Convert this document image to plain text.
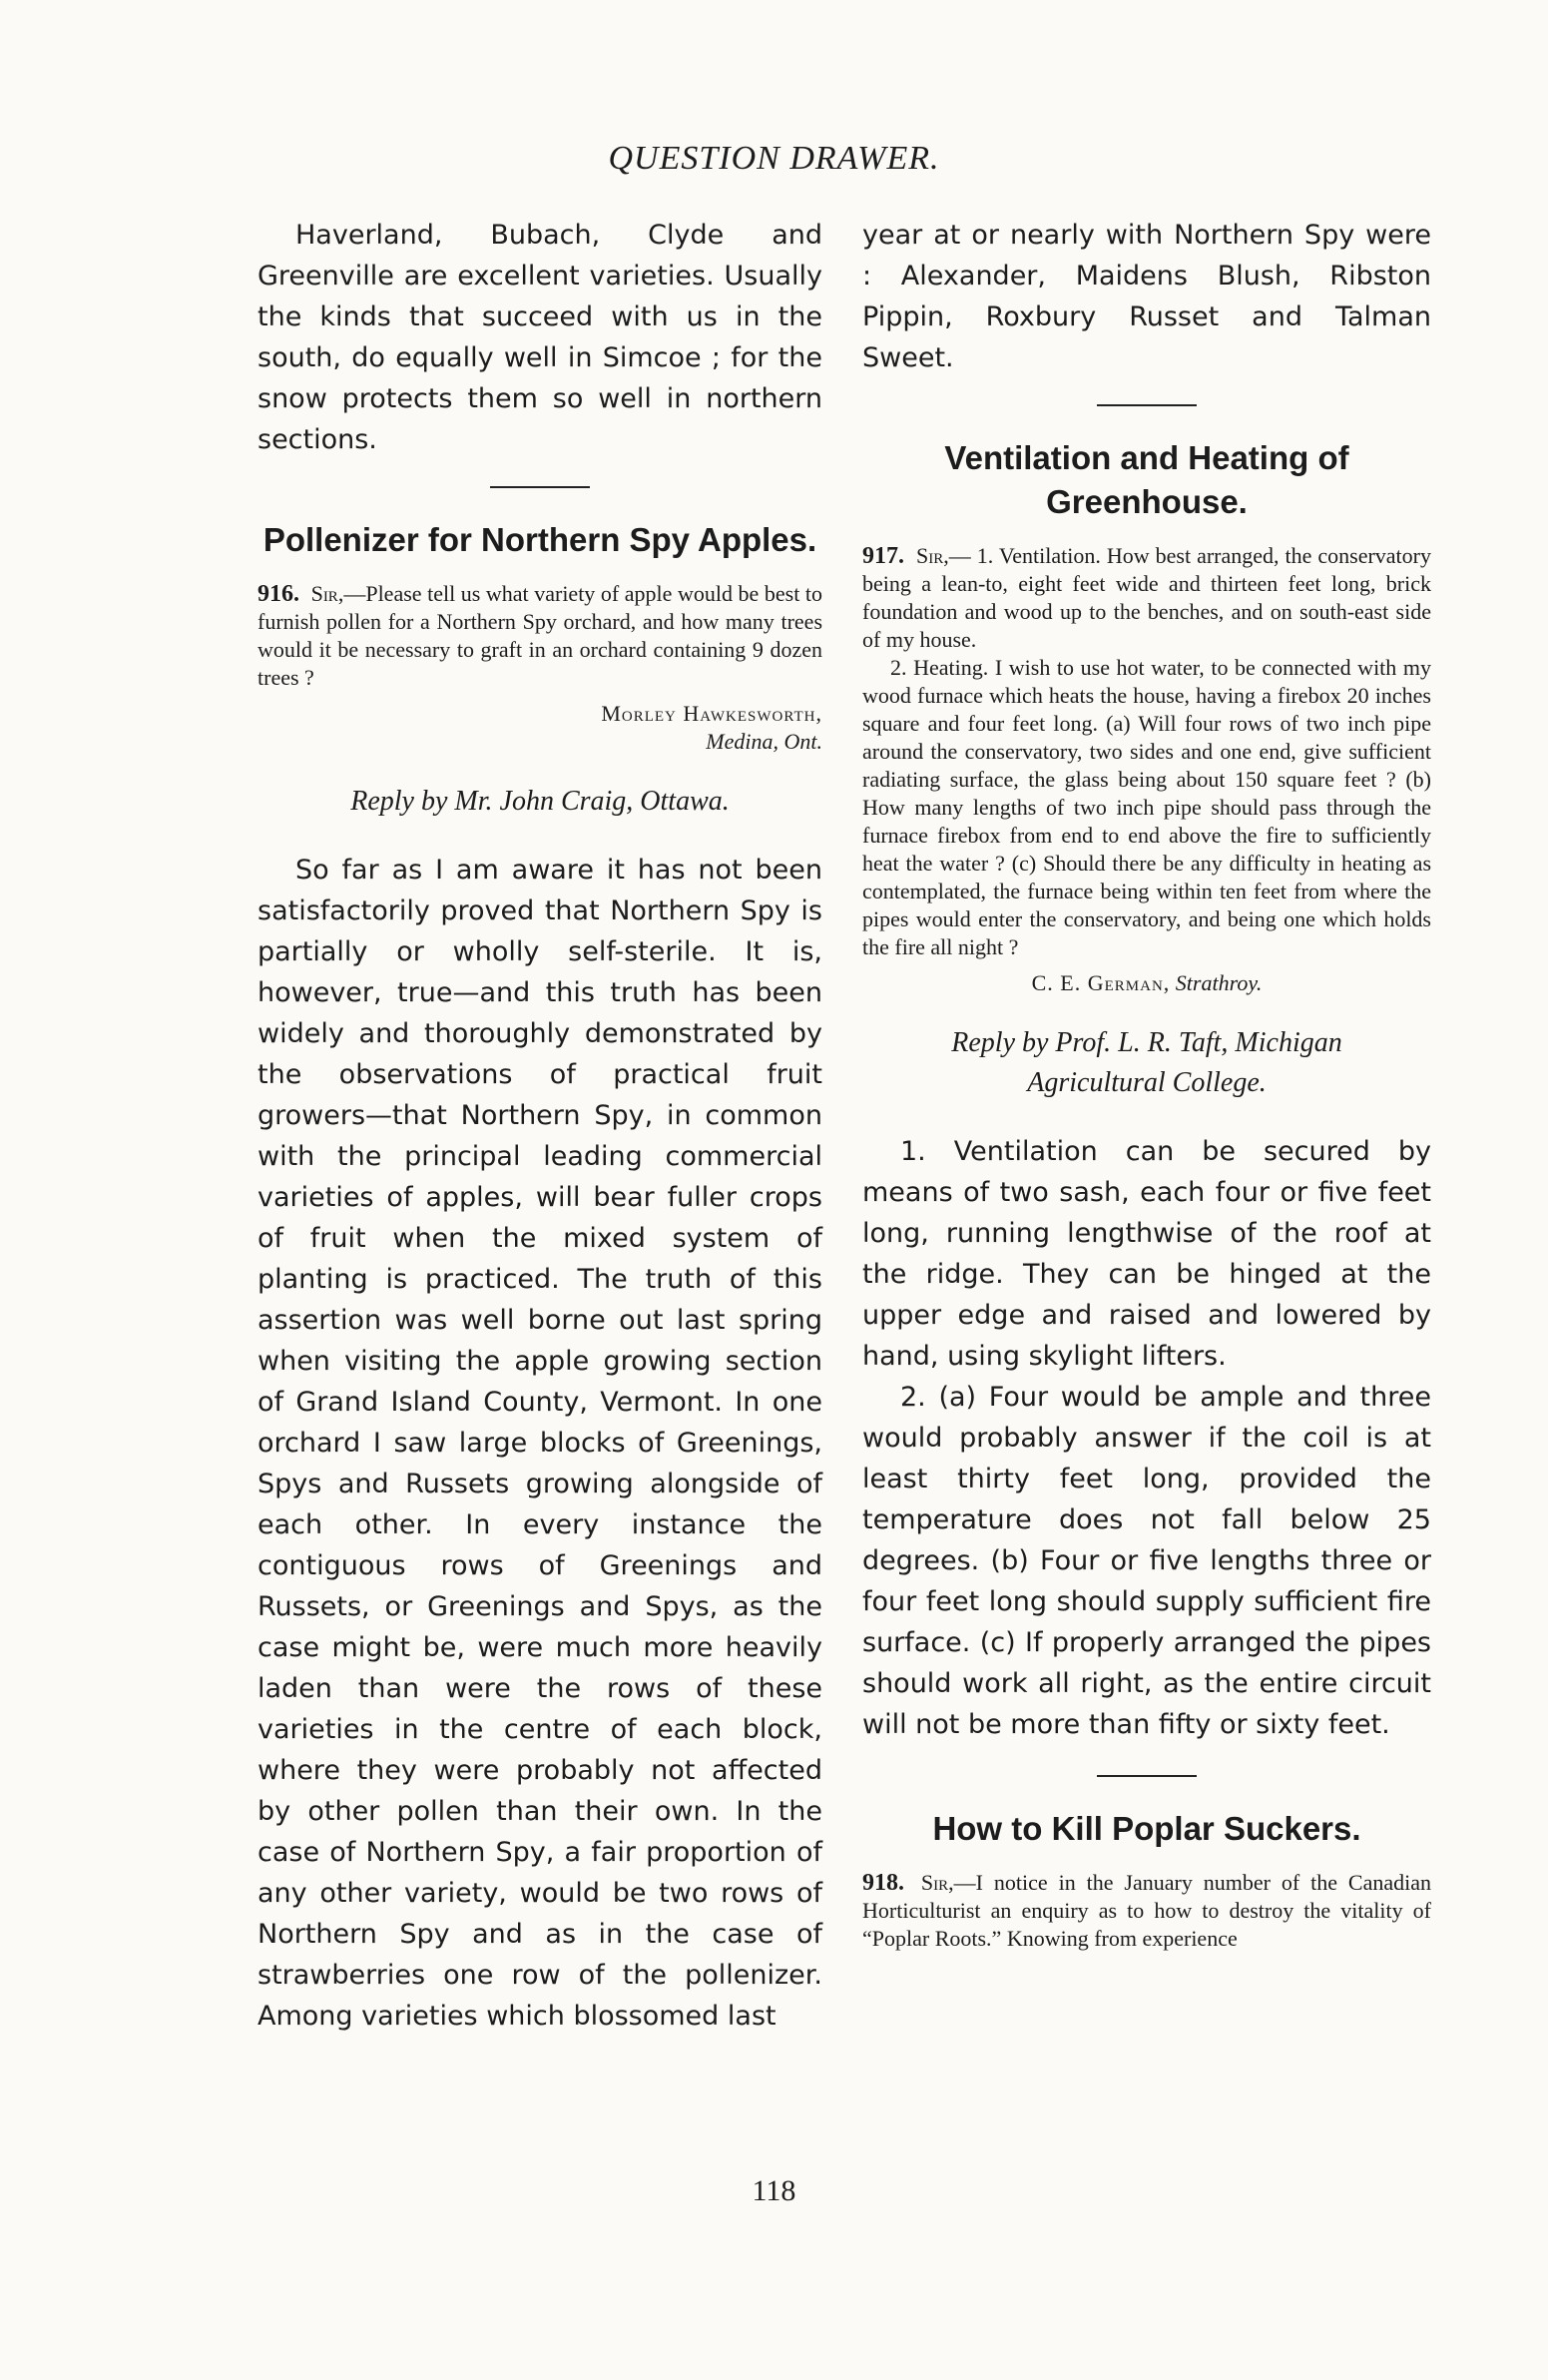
QUESTION DRAWER.

Haverland, Bubach, Clyde and Greenville are excellent varieties. Usually the kinds that succeed with us in the south, do equally well in Simcoe ; for the snow protects them so well in northern sections.

Pollenizer for Northern Spy Apples.

916. Sir,—Please tell us what variety of apple would be best to furnish pollen for a Northern Spy orchard, and how many trees would it be necessary to graft in an orchard containing 9 dozen trees ?

Morley Hawkesworth,
Medina, Ont.
Reply by Mr. John Craig, Ottawa.

So far as I am aware it has not been satisfactorily proved that Northern Spy is partially or wholly self-sterile. It is, however, true—and this truth has been widely and thoroughly demonstrated by the observations of practical fruit growers—that Northern Spy, in common with the principal leading commercial varieties of apples, will bear fuller crops of fruit when the mixed system of planting is practiced. The truth of this assertion was well borne out last spring when visiting the apple growing section of Grand Island County, Vermont. In one orchard I saw large blocks of Greenings, Spys and Russets growing alongside of each other. In every instance the contiguous rows of Greenings and Russets, or Greenings and Spys, as the case might be, were much more heavily laden than were the rows of these varieties in the centre of each block, where they were probably not affected by other pollen than their own. In the case of Northern Spy, a fair proportion of any other variety, would be two rows of Northern Spy and as in the case of strawberries one row of the pollenizer. Among varieties which blossomed last

year at or nearly with Northern Spy were : Alexander, Maidens Blush, Ribston Pippin, Roxbury Russet and Talman Sweet.

Ventilation and Heating of Greenhouse.

917. Sir,— 1. Ventilation. How best arranged, the conservatory being a lean-to, eight feet wide and thirteen feet long, brick foundation and wood up to the benches, and on south-east side of my house.

2. Heating. I wish to use hot water, to be connected with my wood furnace which heats the house, having a firebox 20 inches square and four feet long. (a) Will four rows of two inch pipe around the conservatory, two sides and one end, give sufficient radiating surface, the glass being about 150 square feet ? (b) How many lengths of two inch pipe should pass through the furnace firebox from end to end above the fire to sufficiently heat the water ? (c) Should there be any difficulty in heating as contemplated, the furnace being within ten feet from where the pipes would enter the conservatory, and being one which holds the fire all night ?

C. E. German, Strathroy.
Reply by Prof. L. R. Taft, Michigan
Agricultural College.

1. Ventilation can be secured by means of two sash, each four or five feet long, running lengthwise of the roof at the ridge. They can be hinged at the upper edge and raised and lowered by hand, using skylight lifters.

2. (a) Four would be ample and three would probably answer if the coil is at least thirty feet long, provided the temperature does not fall below 25 degrees. (b) Four or five lengths three or four feet long should supply sufficient fire surface. (c) If properly arranged the pipes should work all right, as the entire circuit will not be more than fifty or sixty feet.

How to Kill Poplar Suckers.

918. Sir,—I notice in the January number of the Canadian Horticulturist an enquiry as to how to destroy the vitality of “Poplar Roots.” Knowing from experience

118
